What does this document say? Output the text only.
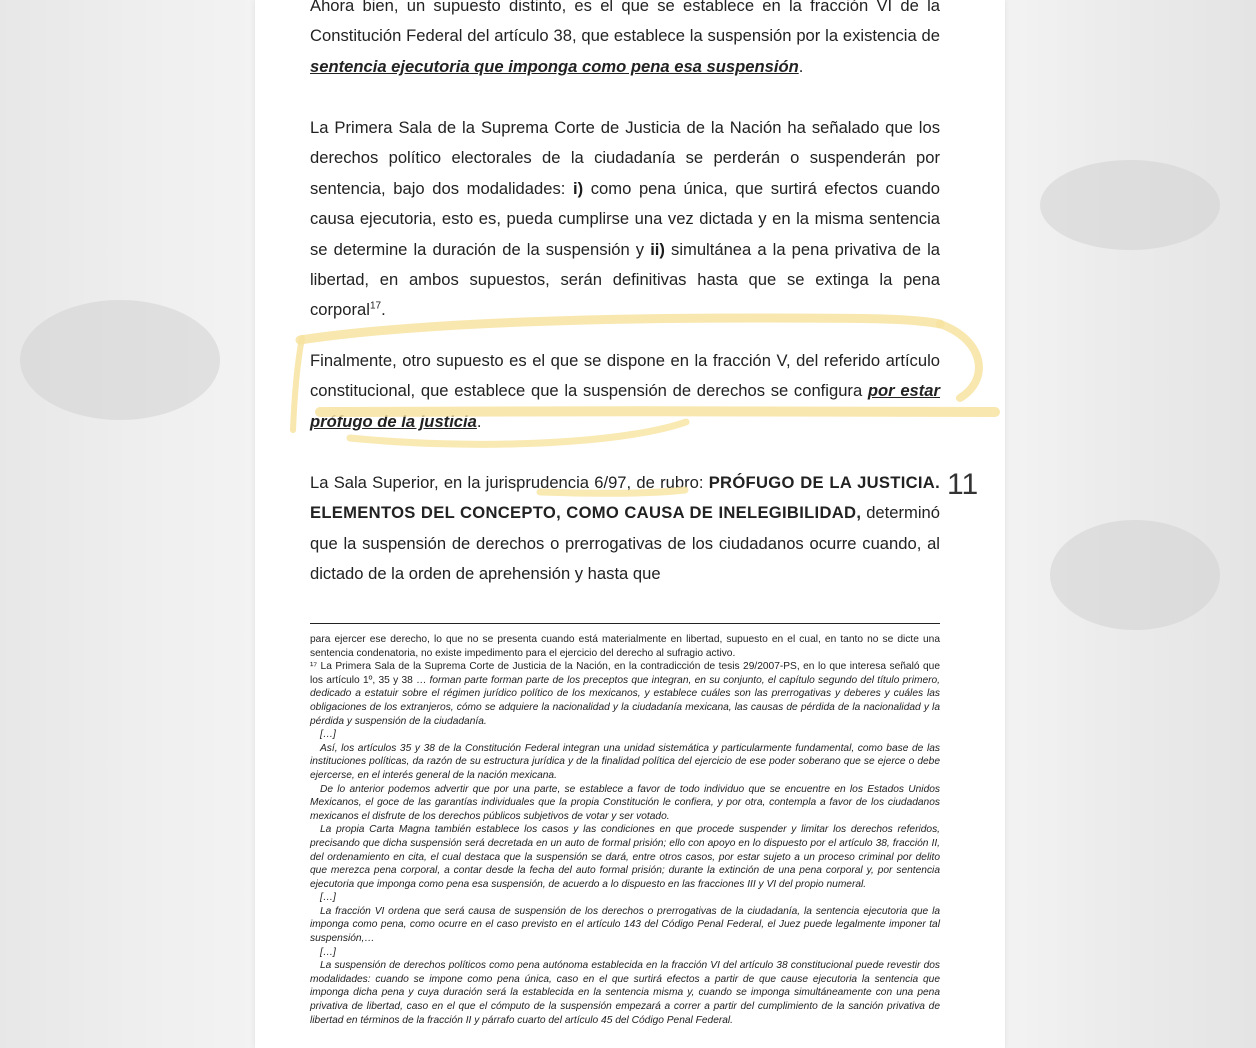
Ahora bien, un supuesto distinto, es el que se establece en la fracción VI de la Constitución Federal del artículo 38, que establece la suspensión por la existencia de sentencia ejecutoria que imponga como pena esa suspensión.

La Primera Sala de la Suprema Corte de Justicia de la Nación ha señalado que los derechos político electorales de la ciudadanía se perderán o suspenderán por sentencia, bajo dos modalidades: i) como pena única, que surtirá efectos cuando causa ejecutoria, esto es, pueda cumplirse una vez dictada y en la misma sentencia se determine la duración de la suspensión y ii) simultánea a la pena privativa de la libertad, en ambos supuestos, serán definitivas hasta que se extinga la pena corporal$^{17}$.

Finalmente, otro supuesto es el que se dispone en la fracción V, del referido artículo constitucional, que establece que la suspensión de derechos se configura por estar prófugo de la justicia.

La Sala Superior, en la jurisprudencia 6/97, de rubro: PRÓFUGO DE LA JUSTICIA. ELEMENTOS DEL CONCEPTO, COMO CAUSA DE INELEGIBILIDAD, determinó que la suspensión de derechos o prerrogativas de los ciudadanos ocurre cuando, al dictado de la orden de aprehensión y hasta que

11

para ejercer ese derecho, lo que no se presenta cuando está materialmente en libertad, supuesto en el cual, en tanto no se dicte una sentencia condenatoria, no existe impedimento para el ejercicio del derecho al sufragio activo.

¹⁷ La Primera Sala de la Suprema Corte de Justicia de la Nación, en la contradicción de tesis 29/2007-PS, en lo que interesa señaló que los artículo 1º, 35 y 38 … forman parte forman parte de los preceptos que integran, en su conjunto, el capítulo segundo del título primero, dedicado a estatuir sobre el régimen jurídico político de los mexicanos, y establece cuáles son las prerrogativas y deberes y cuáles las obligaciones de los extranjeros, cómo se adquiere la nacionalidad y la ciudadanía mexicana, las causas de pérdida de la nacionalidad y la pérdida y suspensión de la ciudadanía.

[…]

Así, los artículos 35 y 38 de la Constitución Federal integran una unidad sistemática y particularmente fundamental, como base de las instituciones políticas, da razón de su estructura jurídica y de la finalidad política del ejercicio de ese poder soberano que se ejerce o debe ejercerse, en el interés general de la nación mexicana.

De lo anterior podemos advertir que por una parte, se establece a favor de todo individuo que se encuentre en los Estados Unidos Mexicanos, el goce de las garantías individuales que la propia Constitución le confiera, y por otra, contempla a favor de los ciudadanos mexicanos el disfrute de los derechos públicos subjetivos de votar y ser votado.

La propia Carta Magna también establece los casos y las condiciones en que procede suspender y limitar los derechos referidos, precisando que dicha suspensión será decretada en un auto de formal prisión; ello con apoyo en lo dispuesto por el artículo 38, fracción II, del ordenamiento en cita, el cual destaca que la suspensión se dará, entre otros casos, por estar sujeto a un proceso criminal por delito que merezca pena corporal, a contar desde la fecha del auto formal prisión; durante la extinción de una pena corporal y, por sentencia ejecutoria que imponga como pena esa suspensión, de acuerdo a lo dispuesto en las fracciones III y VI del propio numeral.

[…]

La fracción VI ordena que será causa de suspensión de los derechos o prerrogativas de la ciudadanía, la sentencia ejecutoria que la imponga como pena, como ocurre en el caso previsto en el artículo 143 del Código Penal Federal, el Juez puede legalmente imponer tal suspensión,…

[…]

La suspensión de derechos políticos como pena autónoma establecida en la fracción VI del artículo 38 constitucional puede revestir dos modalidades: cuando se impone como pena única, caso en el que surtirá efectos a partir de que cause ejecutoria la sentencia que imponga dicha pena y cuya duración será la establecida en la sentencia misma y, cuando se imponga simultáneamente con una pena privativa de libertad, caso en el que el cómputo de la suspensión empezará a correr a partir del cumplimiento de la sanción privativa de libertad en términos de la fracción II y párrafo cuarto del artículo 45 del Código Penal Federal.
